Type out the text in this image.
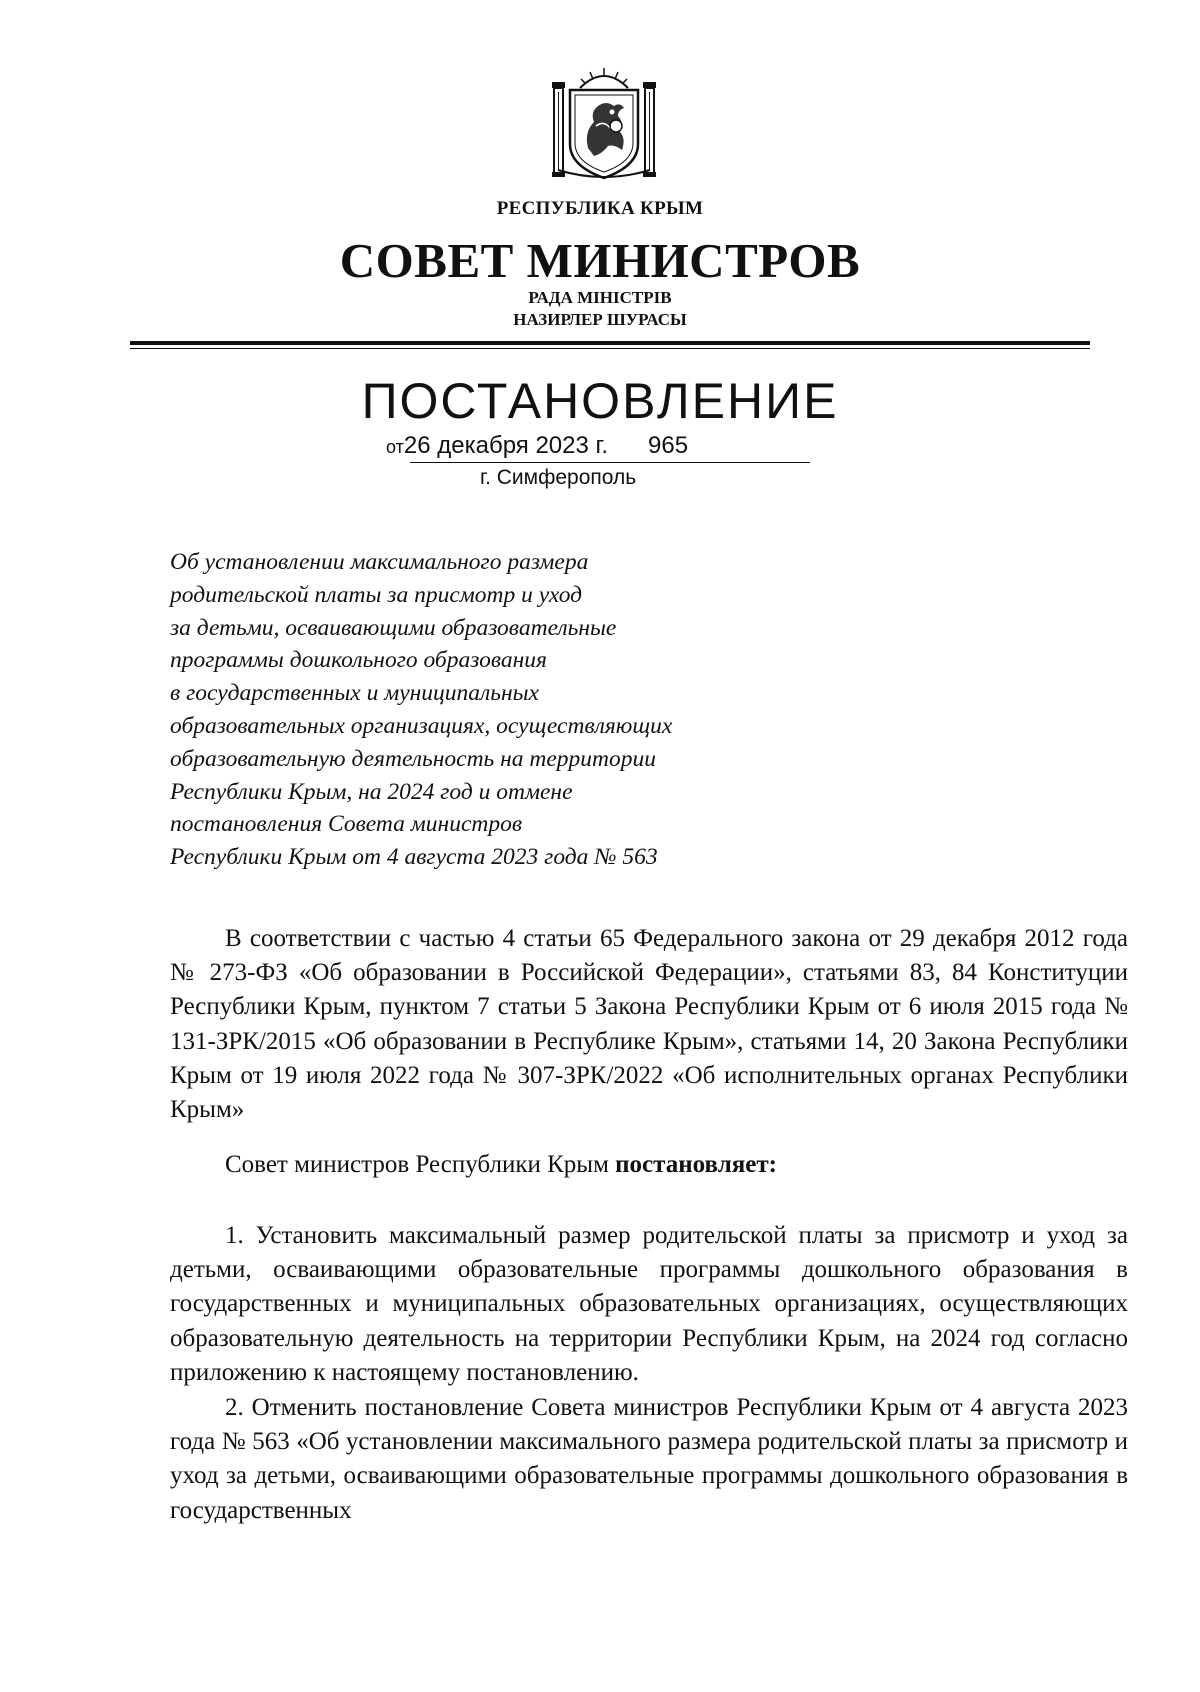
РЕСПУБЛИКА КРЫМ
СОВЕТ МИНИСТРОВ
РАДА МІНІСТРІВ
НАЗИРЛЕР ШУРАСЫ
ПОСТАНОВЛЕНИЕ
от26 декабря 2023 г. 965
г. Симферополь
Об установлении максимального размера
родительской платы за присмотр и уход
за детьми, осваивающими образовательные
программы дошкольного образования
в государственных и муниципальных
образовательных организациях, осуществляющих
образовательную деятельность на территории
Республики Крым, на 2024 год и отмене
постановления Совета министров
Республики Крым от 4 августа 2023 года № 563
В соответствии с частью 4 статьи 65 Федерального закона от 29 декабря 2012 года № 273-ФЗ «Об образовании в Российской Федерации», статьями 83, 84 Конституции Республики Крым, пунктом 7 статьи 5 Закона Республики Крым от 6 июля 2015 года № 131-ЗРК/2015 «Об образовании в Республике Крым», статьями 14, 20 Закона Республики Крым от 19 июля 2022 года № 307-ЗРК/2022 «Об исполнительных органах Республики Крым»
Совет министров Республики Крым постановляет:
1. Установить максимальный размер родительской платы за присмотр и уход за детьми, осваивающими образовательные программы дошкольного образования в государственных и муниципальных образовательных организациях, осуществляющих образовательную деятельность на территории Республики Крым, на 2024 год согласно приложению к настоящему постановлению.
2. Отменить постановление Совета министров Республики Крым от 4 августа 2023 года № 563 «Об установлении максимального размера родительской платы за присмотр и уход за детьми, осваивающими образовательные программы дошкольного образования в государственных
